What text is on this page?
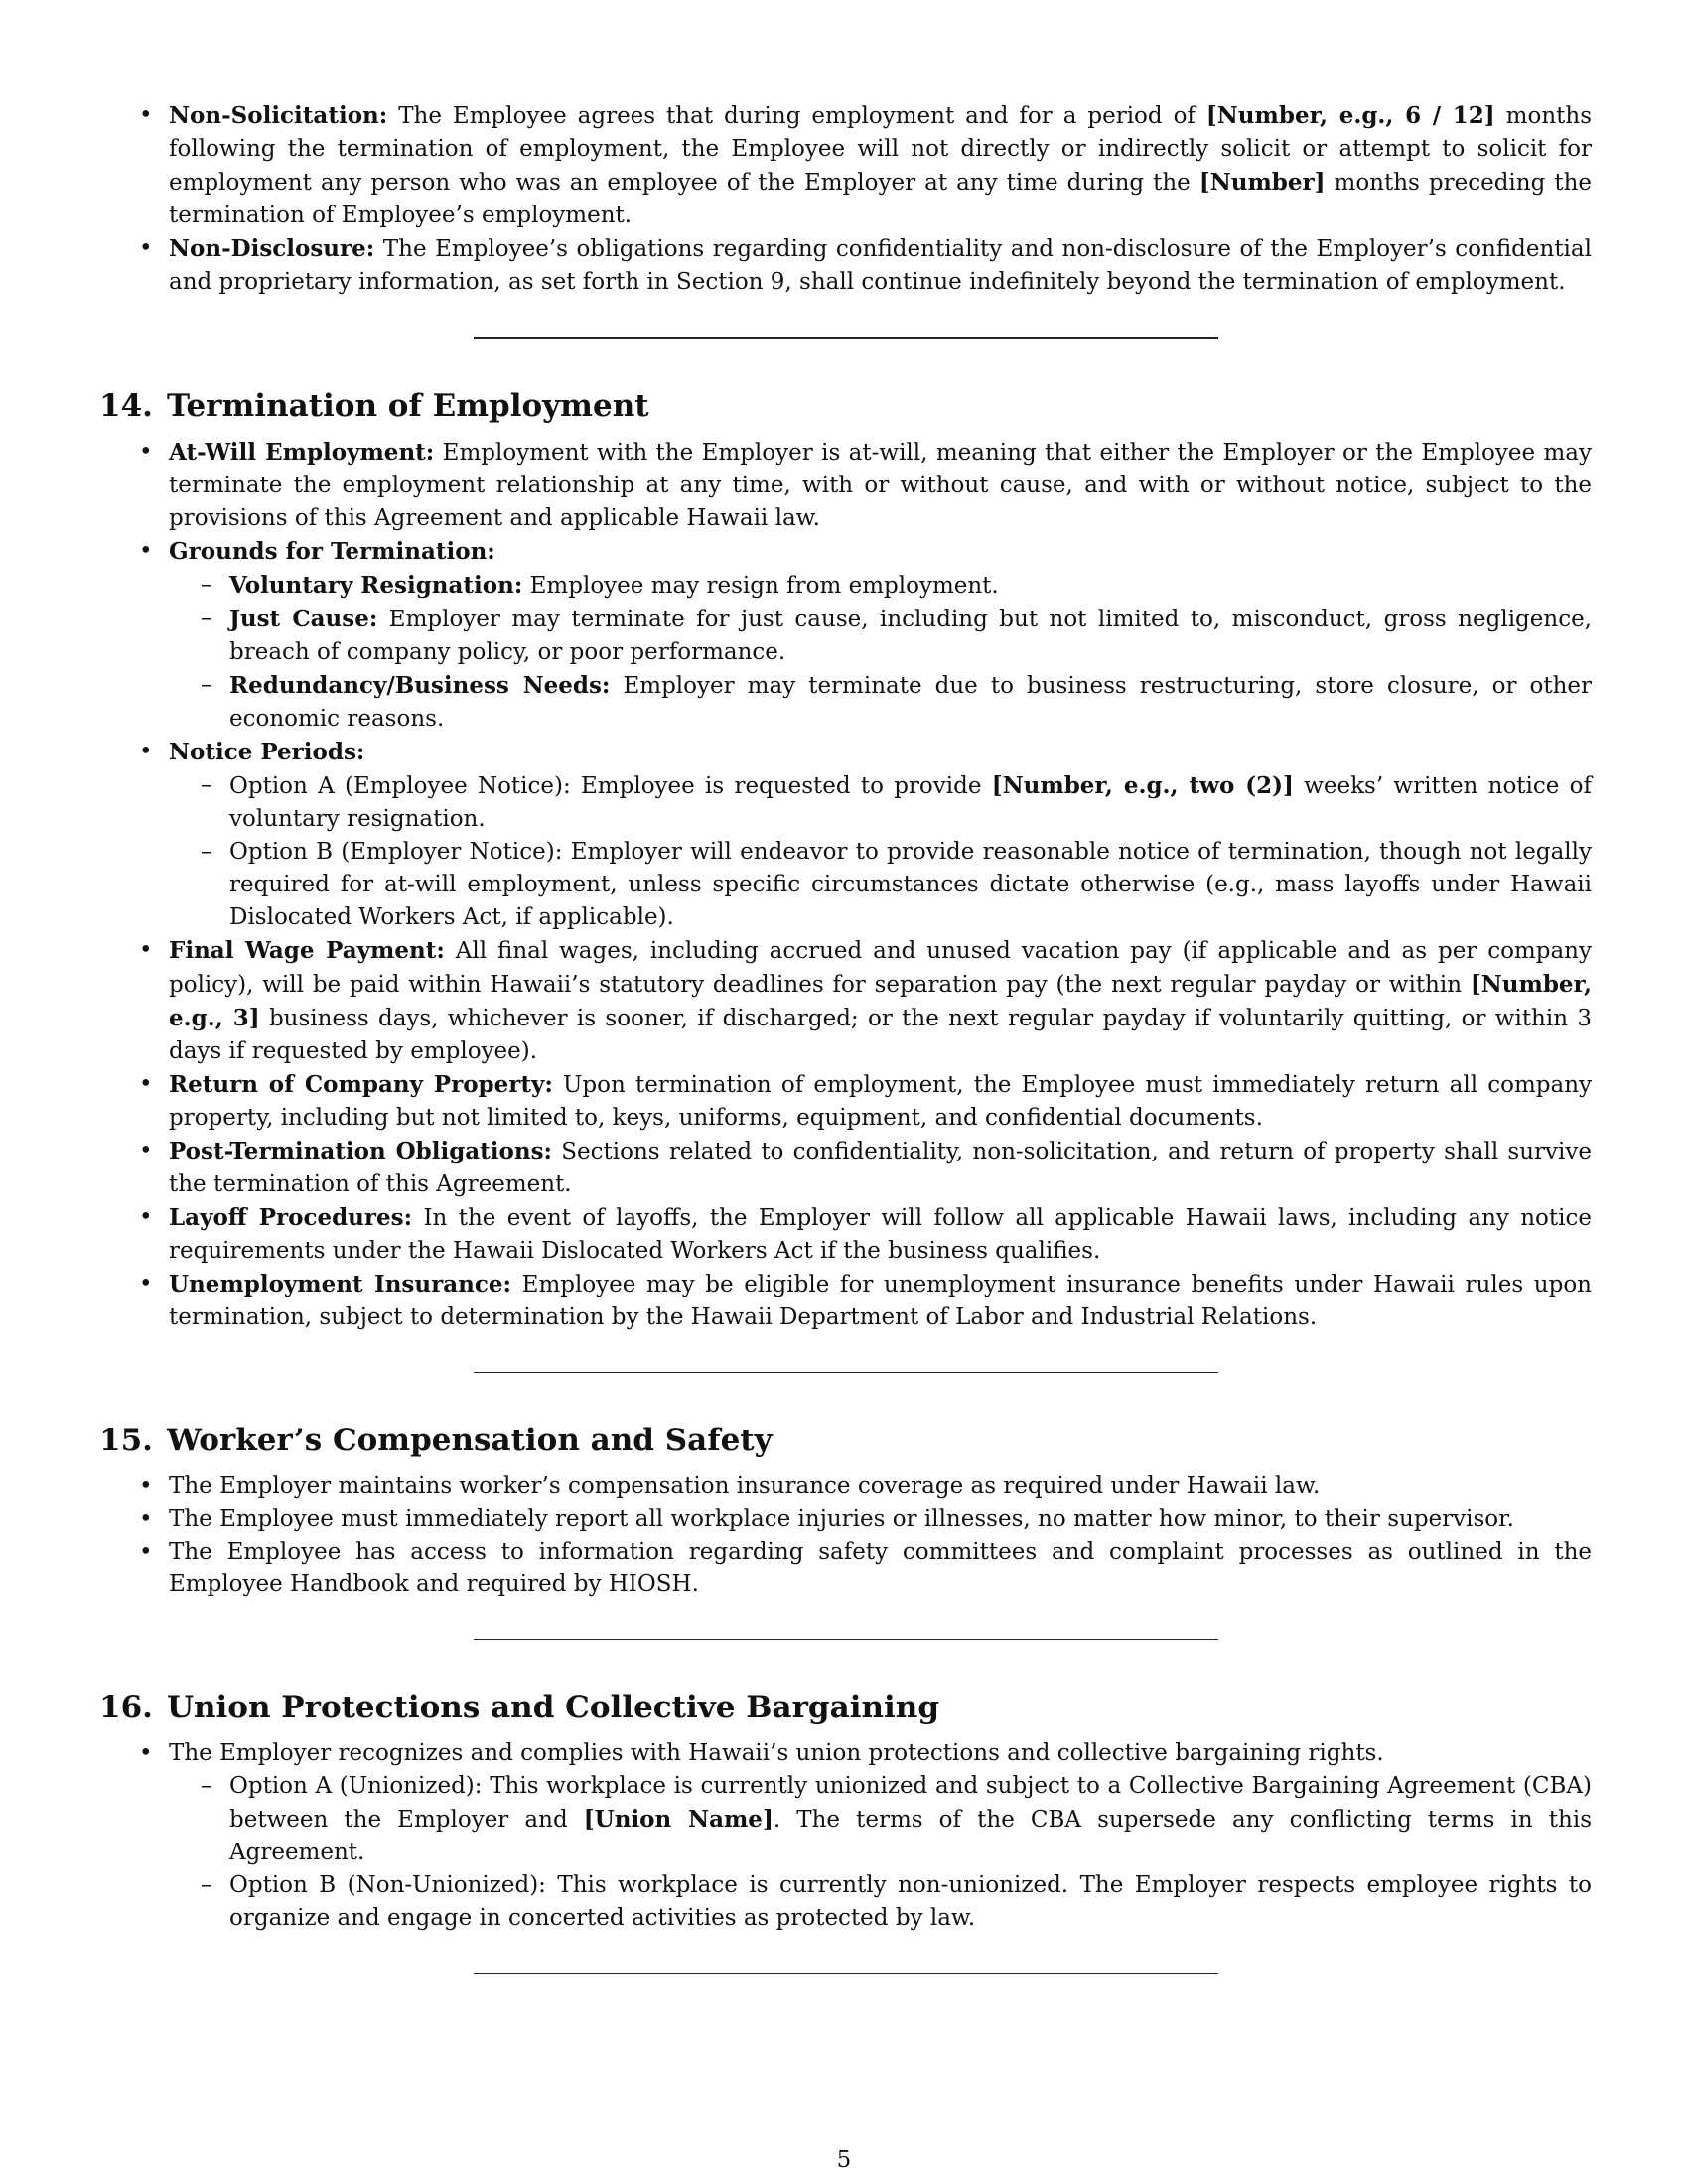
• Non-Solicitation: The Employee agrees that during employment and for a period of [Number, e.g., 6 / 12] months following the termination of employment, the Employee will not directly or indirectly solicit or attempt to solicit for employment any person who was an employee of the Employer at any time during the [Number] months preceding the termination of Employee’s employment.
• Non-Disclosure: The Employee’s obligations regarding confidentiality and non-disclosure of the Employer’s confidential and proprietary information, as set forth in Section 9, shall continue indefinitely beyond the termination of employment.
14. Termination of Employment
• At-Will Employment: Employment with the Employer is at-will, meaning that either the Employer or the Employee may terminate the employment relationship at any time, with or without cause, and with or without notice, subject to the provisions of this Agreement and applicable Hawaii law.
• Grounds for Termination:
– Voluntary Resignation: Employee may resign from employment.
– Just Cause: Employer may terminate for just cause, including but not limited to, misconduct, gross negligence, breach of company policy, or poor performance.
– Redundancy/Business Needs: Employer may terminate due to business restructuring, store closure, or other economic reasons.
• Notice Periods:
– Option A (Employee Notice): Employee is requested to provide [Number, e.g., two (2)] weeks’ written notice of voluntary resignation.
– Option B (Employer Notice): Employer will endeavor to provide reasonable notice of termination, though not legally required for at-will employment, unless specific circumstances dictate otherwise (e.g., mass layoffs under Hawaii Dislocated Workers Act, if applicable).
• Final Wage Payment: All final wages, including accrued and unused vacation pay (if applicable and as per company policy), will be paid within Hawaii’s statutory deadlines for separation pay (the next regular payday or within [Number, e.g., 3] business days, whichever is sooner, if discharged; or the next regular payday if voluntarily quitting, or within 3 days if requested by employee).
• Return of Company Property: Upon termination of employment, the Employee must immediately return all company property, including but not limited to, keys, uniforms, equipment, and confidential documents.
• Post-Termination Obligations: Sections related to confidentiality, non-solicitation, and return of property shall survive the termination of this Agreement.
• Layoff Procedures: In the event of layoffs, the Employer will follow all applicable Hawaii laws, including any notice requirements under the Hawaii Dislocated Workers Act if the business qualifies.
• Unemployment Insurance: Employee may be eligible for unemployment insurance benefits under Hawaii rules upon termination, subject to determination by the Hawaii Department of Labor and Industrial Relations.
15. Worker’s Compensation and Safety
• The Employer maintains worker’s compensation insurance coverage as required under Hawaii law.
• The Employee must immediately report all workplace injuries or illnesses, no matter how minor, to their supervisor.
• The Employee has access to information regarding safety committees and complaint processes as outlined in the Employee Handbook and required by HIOSH.
16. Union Protections and Collective Bargaining
• The Employer recognizes and complies with Hawaii’s union protections and collective bargaining rights.
– Option A (Unionized): This workplace is currently unionized and subject to a Collective Bargaining Agreement (CBA) between the Employer and [Union Name]. The terms of the CBA supersede any conflicting terms in this Agreement.
– Option B (Non-Unionized): This workplace is currently non-unionized. The Employer respects employee rights to organize and engage in concerted activities as protected by law.
5
